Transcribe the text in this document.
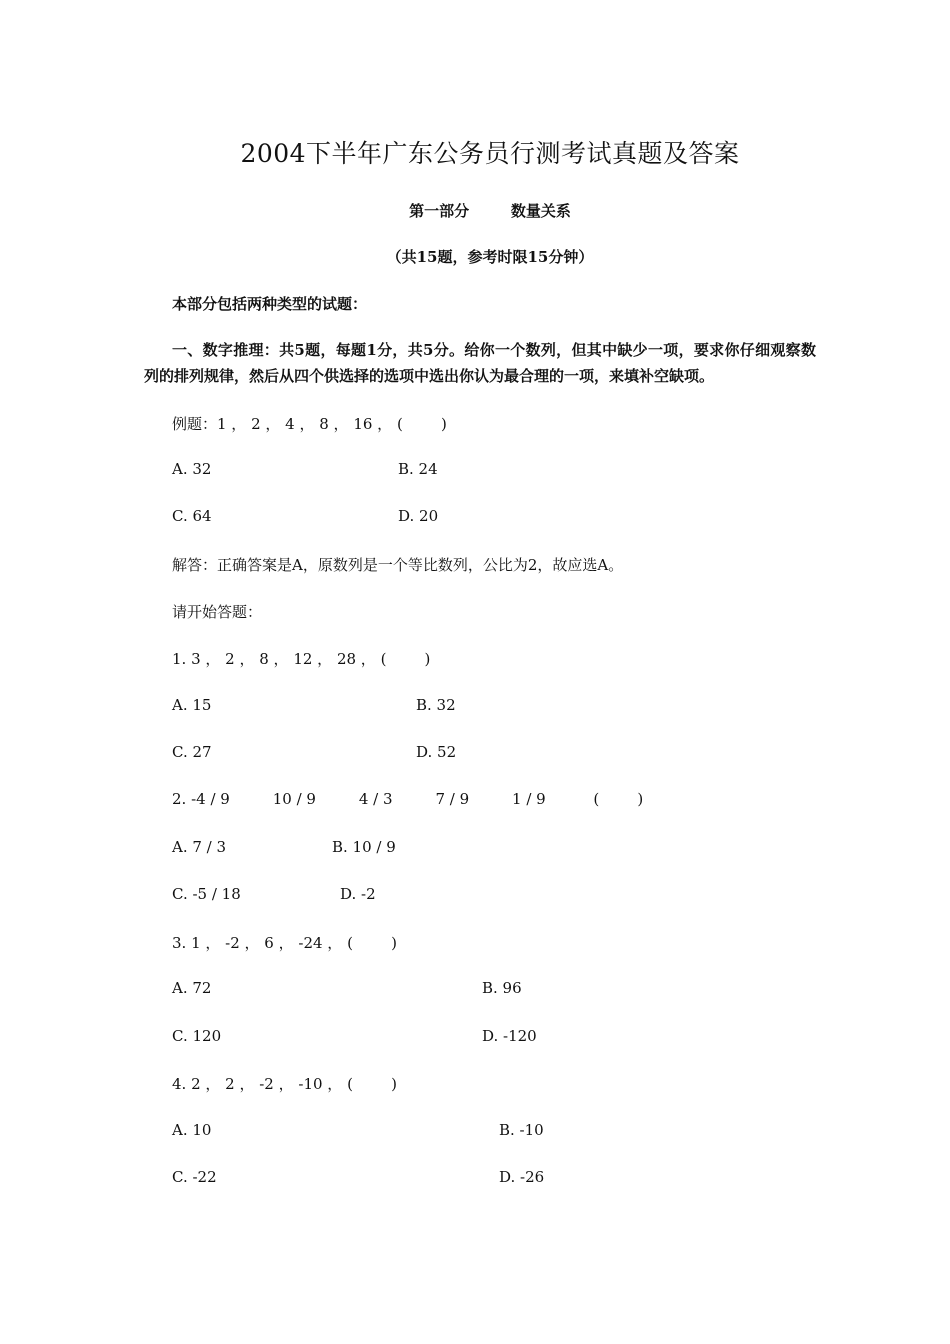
2004下半年广东公务员行测考试真题及答案
第一部分        数量关系
（共15题，参考时限15分钟）
本部分包括两种类型的试题：
一、数字推理：共5题，每题1分，共5分。给你一个数列，但其中缺少一项，要求你仔细观察数列的排列规律，然后从四个供选择的选项中选出你认为最合理的一项，来填补空缺项。
例题：1 ， 2 ， 4 ， 8 ， 16 ， (        )
A. 32	B. 24
C. 64	D. 20
解答：正确答案是A，原数列是一个等比数列，公比为2，故应选A。
请开始答题：
1. 3 ， 2 ， 8 ， 12 ， 28 ， (        )
A. 15	B. 32
C. 27	D. 52
2. -4 / 9         10 / 9         4 / 3         7 / 9         1 / 9          (        )
A. 7 / 3	B. 10 / 9
C. -5 / 18	D. -2
3. 1 ， -2 ， 6 ， -24 ， (        )
A. 72	B. 96
C. 120	D. -120
4. 2 ， 2 ， -2 ， -10 ， (        )
A. 10	B. -10
C. -22	D. -26
